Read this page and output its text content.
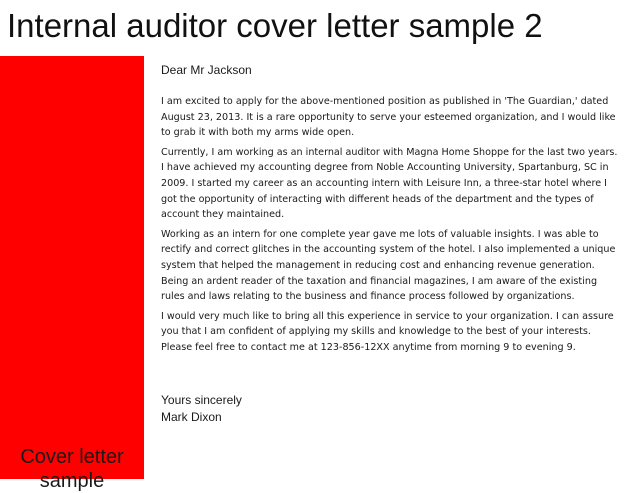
Internal auditor cover letter sample 2
Cover letter
sample
Dear Mr Jackson

I am excited to apply for the above-mentioned position as published in 'The Guardian,' dated August 23, 2013. It is a rare opportunity to serve your esteemed organization, and I would like to grab it with both my arms wide open.

Currently, I am working as an internal auditor with Magna Home Shoppe for the last two years. I have achieved my accounting degree from Noble Accounting University, Spartanburg, SC in 2009. I started my career as an accounting intern with Leisure Inn, a three-star hotel where I got the opportunity of interacting with different heads of the department and the types of account they maintained.

Working as an intern for one complete year gave me lots of valuable insights. I was able to rectify and correct glitches in the accounting system of the hotel. I also implemented a unique system that helped the management in reducing cost and enhancing revenue generation. Being an ardent reader of the taxation and financial magazines, I am aware of the existing rules and laws relating to the business and finance process followed by organizations.

I would very much like to bring all this experience in service to your organization. I can assure you that I am confident of applying my skills and knowledge to the best of your interests. Please feel free to contact me at 123-856-12XX anytime from morning 9 to evening 9.

Yours sincerely
Mark Dixon
